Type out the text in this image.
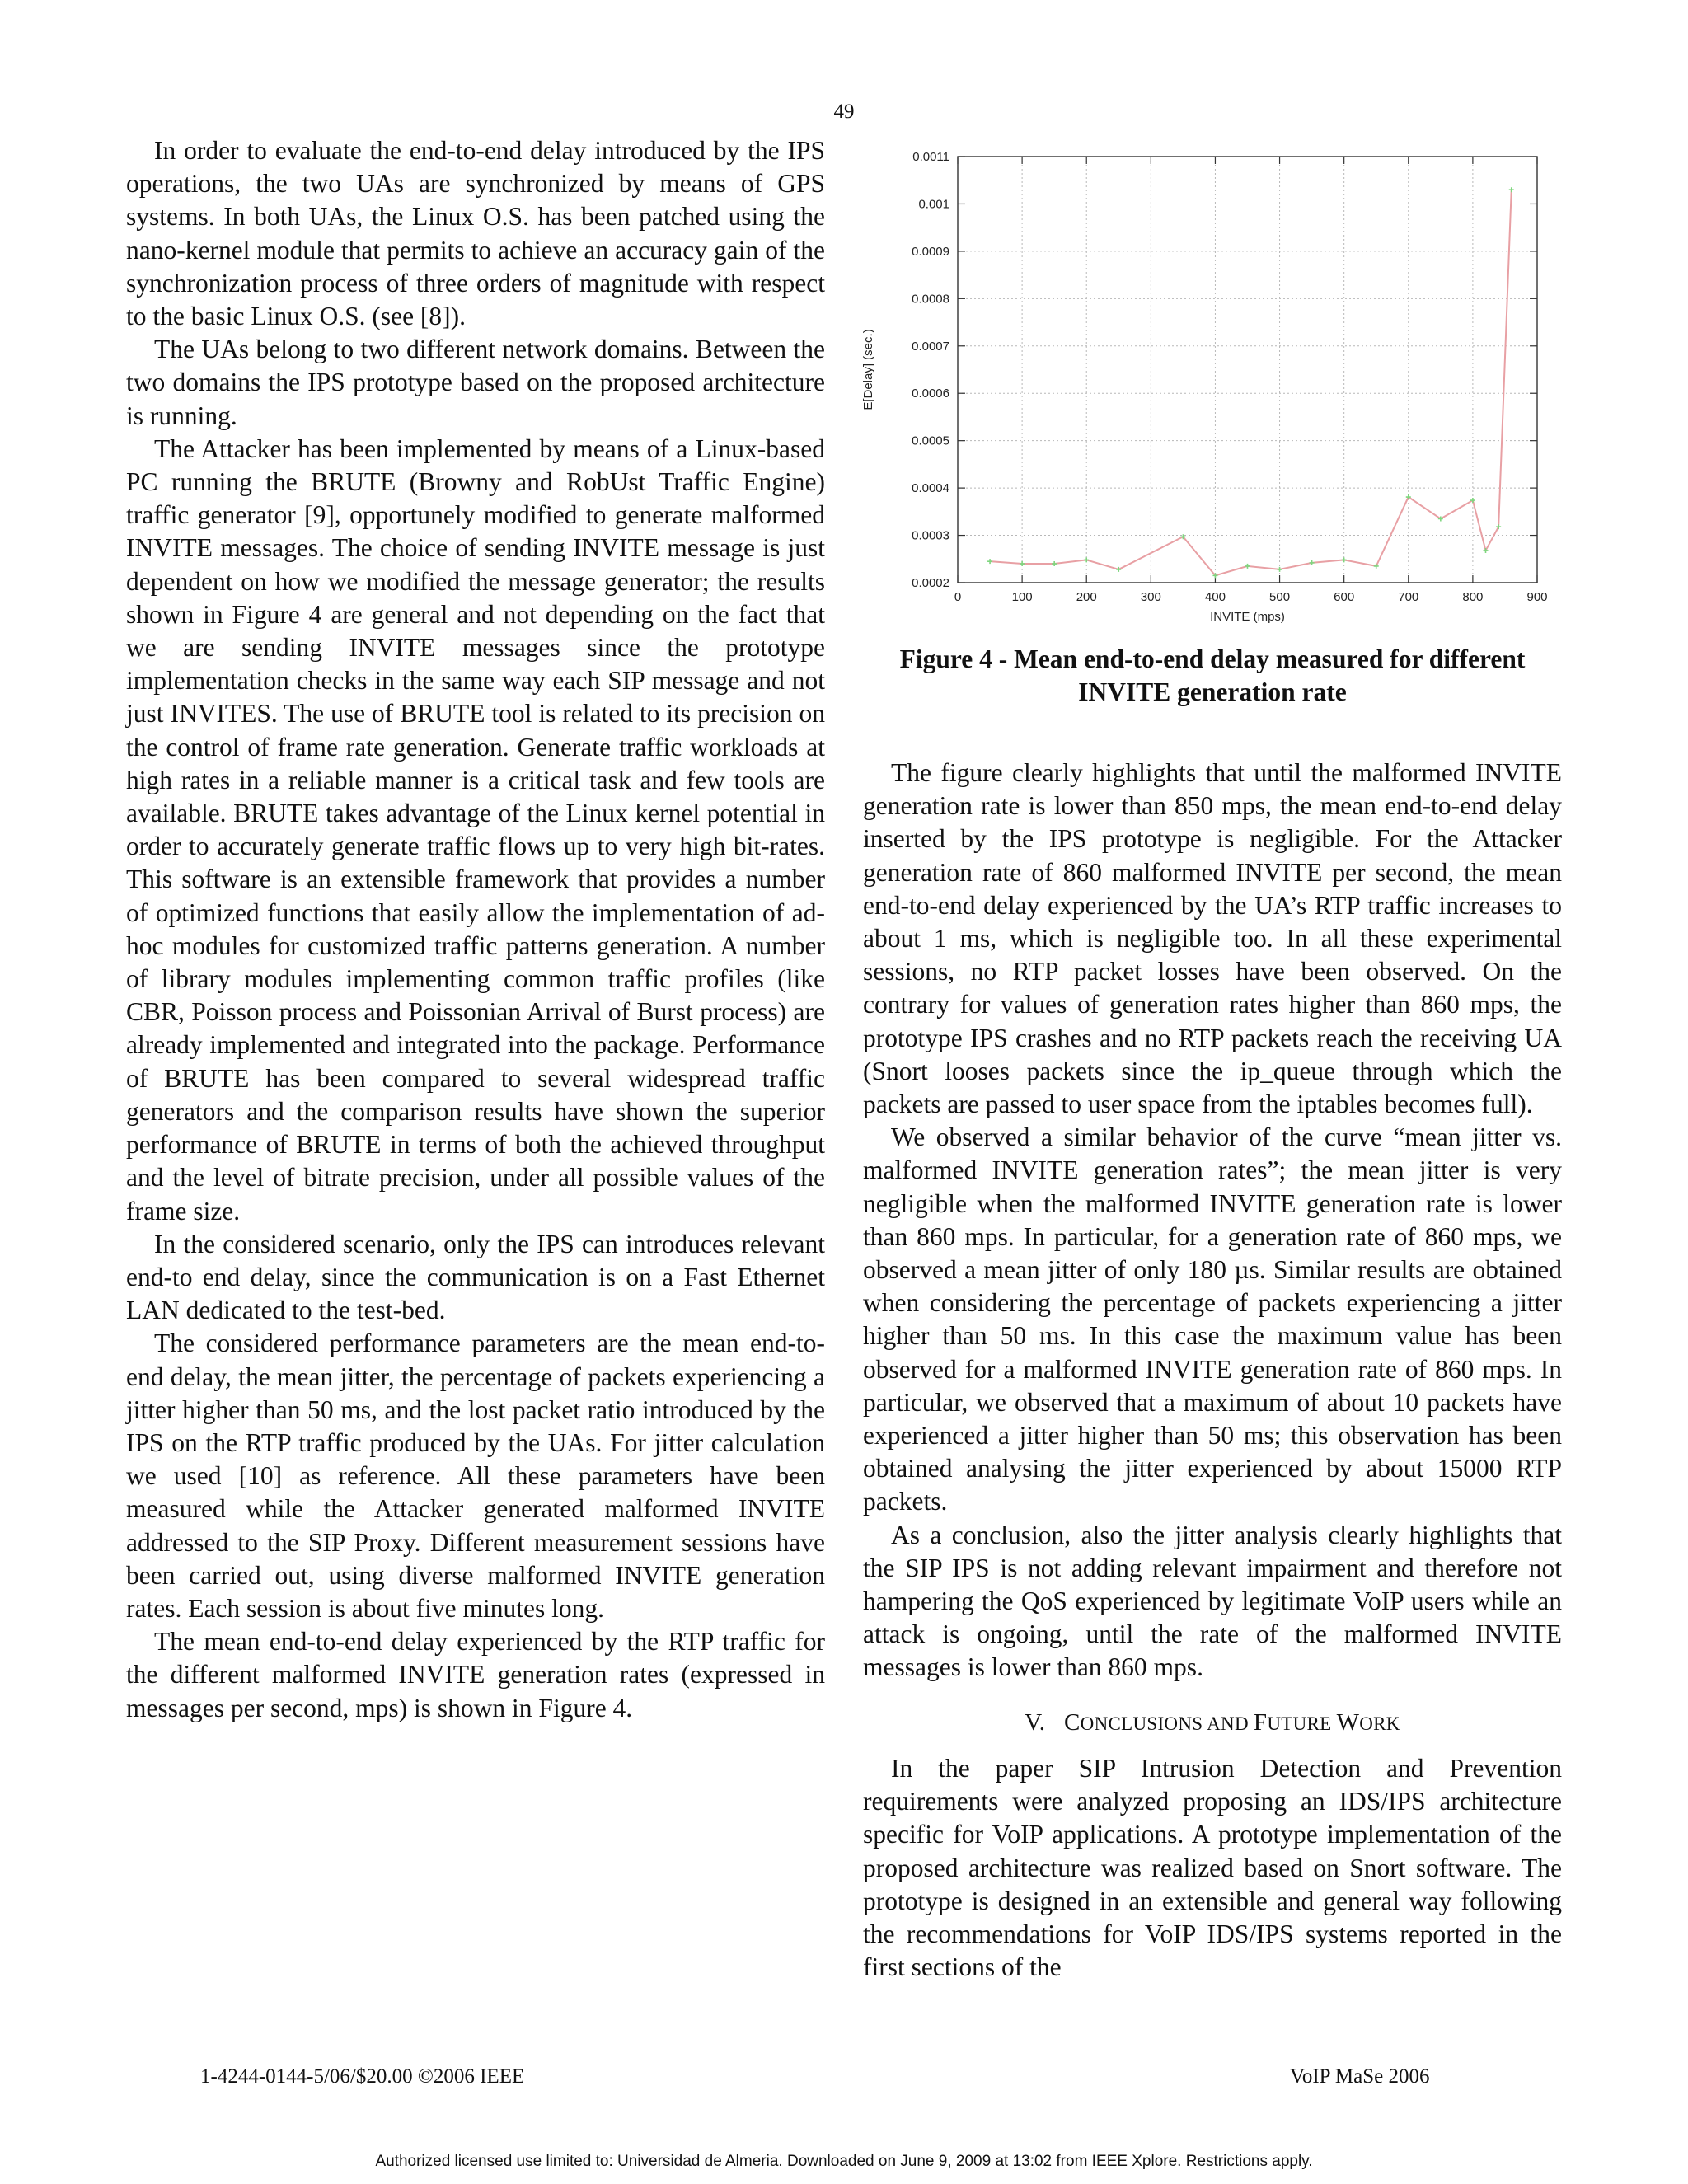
49

In order to evaluate the end-to-end delay introduced by the IPS operations, the two UAs are synchronized by means of GPS systems. In both UAs, the Linux O.S. has been patched using the nano-kernel module that permits to achieve an accuracy gain of the synchronization process of three orders of magnitude with respect to the basic Linux O.S. (see [8]).

The UAs belong to two different network domains. Between the two domains the IPS prototype based on the proposed architecture is running.

The Attacker has been implemented by means of a Linux-based PC running the BRUTE (Browny and RobUst Traffic Engine) traffic generator [9], opportunely modified to generate malformed INVITE messages. The choice of sending INVITE message is just dependent on how we modified the message generator; the results shown in Figure 4 are general and not depending on the fact that we are sending INVITE messages since the prototype implementation checks in the same way each SIP message and not just INVITES. The use of BRUTE tool is related to its precision on the control of frame rate generation. Generate traffic workloads at high rates in a reliable manner is a critical task and few tools are available. BRUTE takes advantage of the Linux kernel potential in order to accurately generate traffic flows up to very high bit-rates. This software is an extensible framework that provides a number of optimized functions that easily allow the implementation of ad-hoc modules for customized traffic patterns generation. A number of library modules implementing common traffic profiles (like CBR, Poisson process and Poissonian Arrival of Burst process) are already implemented and integrated into the package. Performance of BRUTE has been compared to several widespread traffic generators and the comparison results have shown the superior performance of BRUTE in terms of both the achieved throughput and the level of bitrate precision, under all possible values of the frame size.

In the considered scenario, only the IPS can introduces relevant end-to end delay, since the communication is on a Fast Ethernet LAN dedicated to the test-bed.

The considered performance parameters are the mean end-to-end delay, the mean jitter, the percentage of packets experiencing a jitter higher than 50 ms, and the lost packet ratio introduced by the IPS on the RTP traffic produced by the UAs. For jitter calculation we used [10] as reference. All these parameters have been measured while the Attacker generated malformed INVITE addressed to the SIP Proxy. Different measurement sessions have been carried out, using diverse malformed INVITE generation rates. Each session is about five minutes long.

The mean end-to-end delay experienced by the RTP traffic for the different malformed INVITE generation rates (expressed in messages per second, mps) is shown in Figure 4.

0	100	200	300	400	500	600	700	800	900
0.0002
0.0003
0.0004
0.0005
0.0006
0.0007
0.0008
0.0009
0.001
0.0011
INVITE (mps)
E[Delay] (sec.)
Figure 4 - Mean end-to-end delay measured for different INVITE generation rate

The figure clearly highlights that until the malformed INVITE generation rate is lower than 850 mps, the mean end-to-end delay inserted by the IPS prototype is negligible. For the Attacker generation rate of 860 malformed INVITE per second, the mean end-to-end delay experienced by the UA’s RTP traffic increases to about 1 ms, which is negligible too. In all these experimental sessions, no RTP packet losses have been observed. On the contrary for values of generation rates higher than 860 mps, the prototype IPS crashes and no RTP packets reach the receiving UA (Snort looses packets since the ip_queue through which the packets are passed to user space from the iptables becomes full).

We observed a similar behavior of the curve “mean jitter vs. malformed INVITE generation rates”; the mean jitter is very negligible when the malformed INVITE generation rate is lower than 860 mps. In particular, for a generation rate of 860 mps, we observed a mean jitter of only 180 µs. Similar results are obtained when considering the percentage of packets experiencing a jitter higher than 50 ms. In this case the maximum value has been observed for a malformed INVITE generation rate of 860 mps. In particular, we observed that a maximum of about 10 packets have experienced a jitter higher than 50 ms; this observation has been obtained analysing the jitter experienced by about 15000 RTP packets.

As a conclusion, also the jitter analysis clearly highlights that the SIP IPS is not adding relevant impairment and therefore not hampering the QoS experienced by legitimate VoIP users while an attack is ongoing, until the rate of the malformed INVITE messages is lower than 860 mps.

V. CONCLUSIONS AND FUTURE WORK

In the paper SIP Intrusion Detection and Prevention requirements were analyzed proposing an IDS/IPS architecture specific for VoIP applications. A prototype implementation of the proposed architecture was realized based on Snort software. The prototype is designed in an extensible and general way following the recommendations for VoIP IDS/IPS systems reported in the first sections of the

1-4244-0144-5/06/$20.00 ©2006 IEEE	VoIP MaSe 2006
Authorized licensed use limited to: Universidad de Almeria. Downloaded on June 9, 2009 at 13:02 from IEEE Xplore. Restrictions apply.
